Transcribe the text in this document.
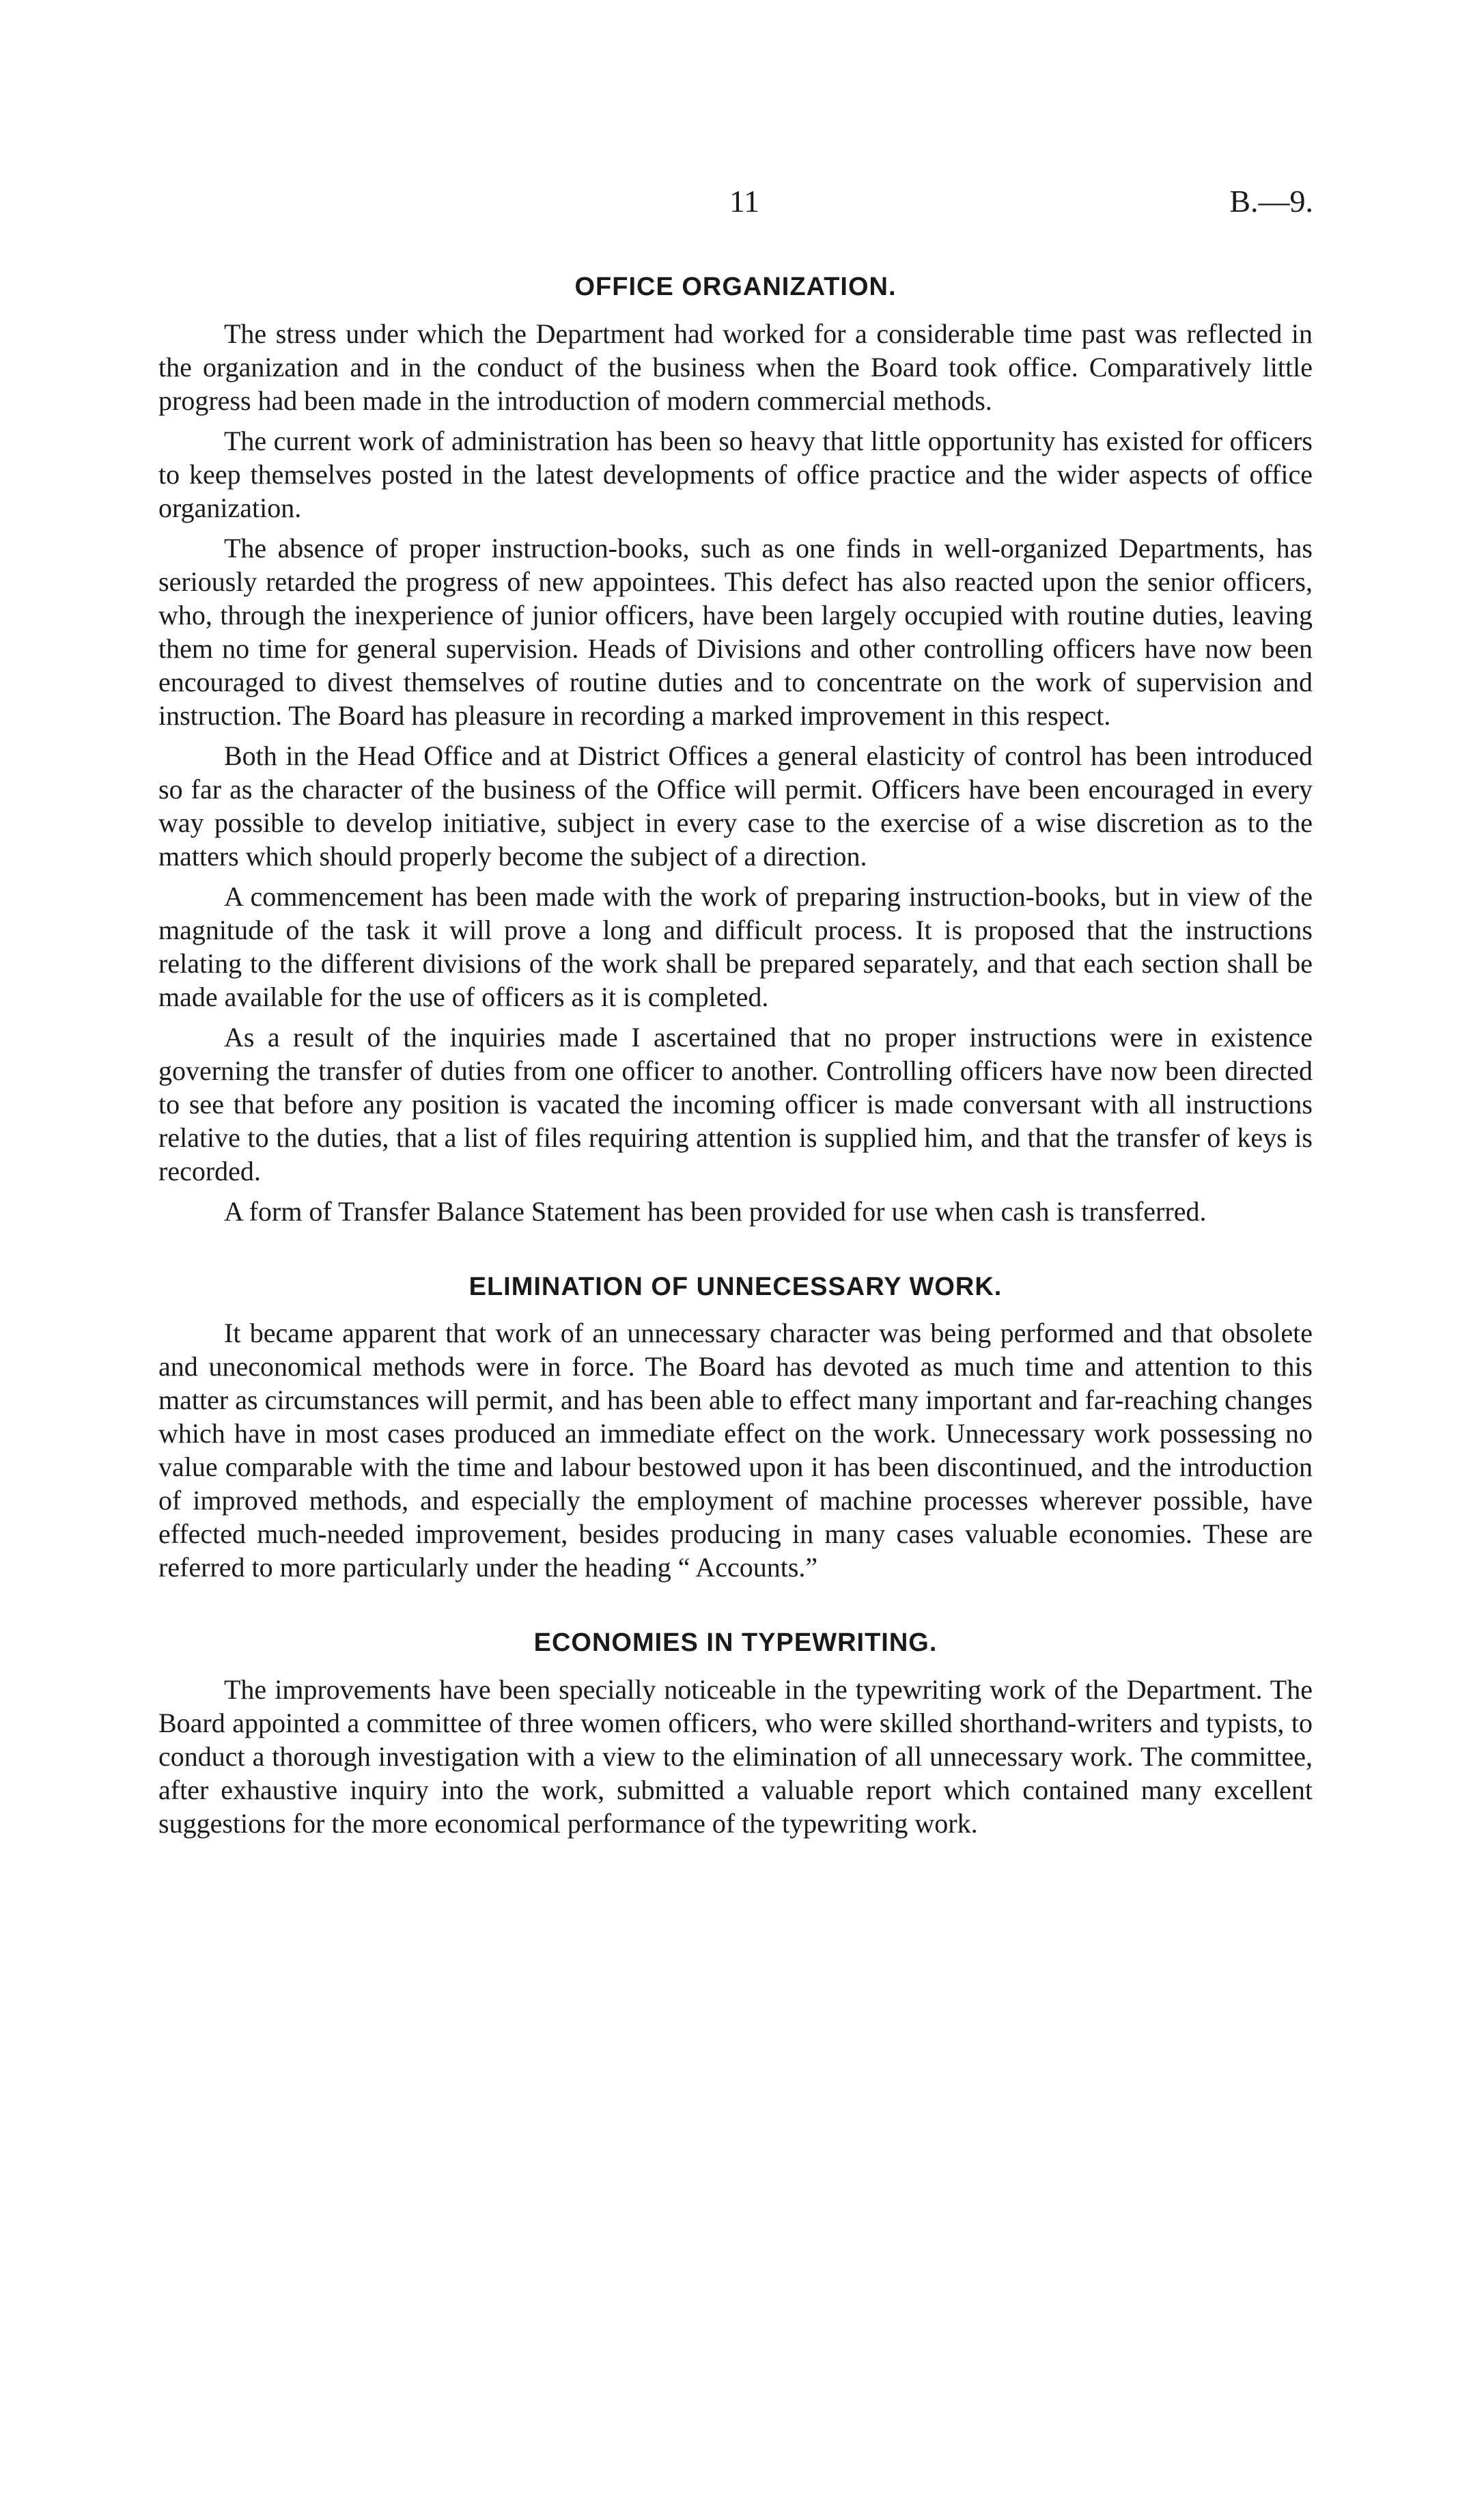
11	B.—9.

OFFICE ORGANIZATION.

The stress under which the Department had worked for a considerable time past was reflected in the organization and in the conduct of the business when the Board took office. Comparatively little progress had been made in the introduction of modern commercial methods.

The current work of administration has been so heavy that little opportunity has existed for officers to keep themselves posted in the latest developments of office practice and the wider aspects of office organization.

The absence of proper instruction-books, such as one finds in well-organized Departments, has seriously retarded the progress of new appointees. This defect has also reacted upon the senior officers, who, through the inexperience of junior officers, have been largely occupied with routine duties, leaving them no time for general supervision. Heads of Divisions and other controlling officers have now been encouraged to divest themselves of routine duties and to concentrate on the work of supervision and instruction. The Board has pleasure in recording a marked improvement in this respect.

Both in the Head Office and at District Offices a general elasticity of control has been introduced so far as the character of the business of the Office will permit. Officers have been encouraged in every way possible to develop initiative, subject in every case to the exercise of a wise discretion as to the matters which should properly become the subject of a direction.

A commencement has been made with the work of preparing instruction-books, but in view of the magnitude of the task it will prove a long and difficult process. It is proposed that the instructions relating to the different divisions of the work shall be prepared separately, and that each section shall be made available for the use of officers as it is completed.

As a result of the inquiries made I ascertained that no proper instructions were in existence governing the transfer of duties from one officer to another. Controlling officers have now been directed to see that before any position is vacated the incoming officer is made conversant with all instructions relative to the duties, that a list of files requiring attention is supplied him, and that the transfer of keys is recorded.

A form of Transfer Balance Statement has been provided for use when cash is transferred.

ELIMINATION OF UNNECESSARY WORK.

It became apparent that work of an unnecessary character was being performed and that obsolete and uneconomical methods were in force. The Board has devoted as much time and attention to this matter as circumstances will permit, and has been able to effect many important and far-reaching changes which have in most cases produced an immediate effect on the work. Unnecessary work possessing no value comparable with the time and labour bestowed upon it has been discontinued, and the introduction of improved methods, and especially the employment of machine processes wherever possible, have effected much-needed improvement, besides producing in many cases valuable economies. These are referred to more particularly under the heading “ Accounts.”

ECONOMIES IN TYPEWRITING.

The improvements have been specially noticeable in the typewriting work of the Department. The Board appointed a committee of three women officers, who were skilled shorthand-writers and typists, to conduct a thorough investigation with a view to the elimination of all unnecessary work. The committee, after exhaustive inquiry into the work, submitted a valuable report which contained many excellent suggestions for the more economical performance of the typewriting work.
